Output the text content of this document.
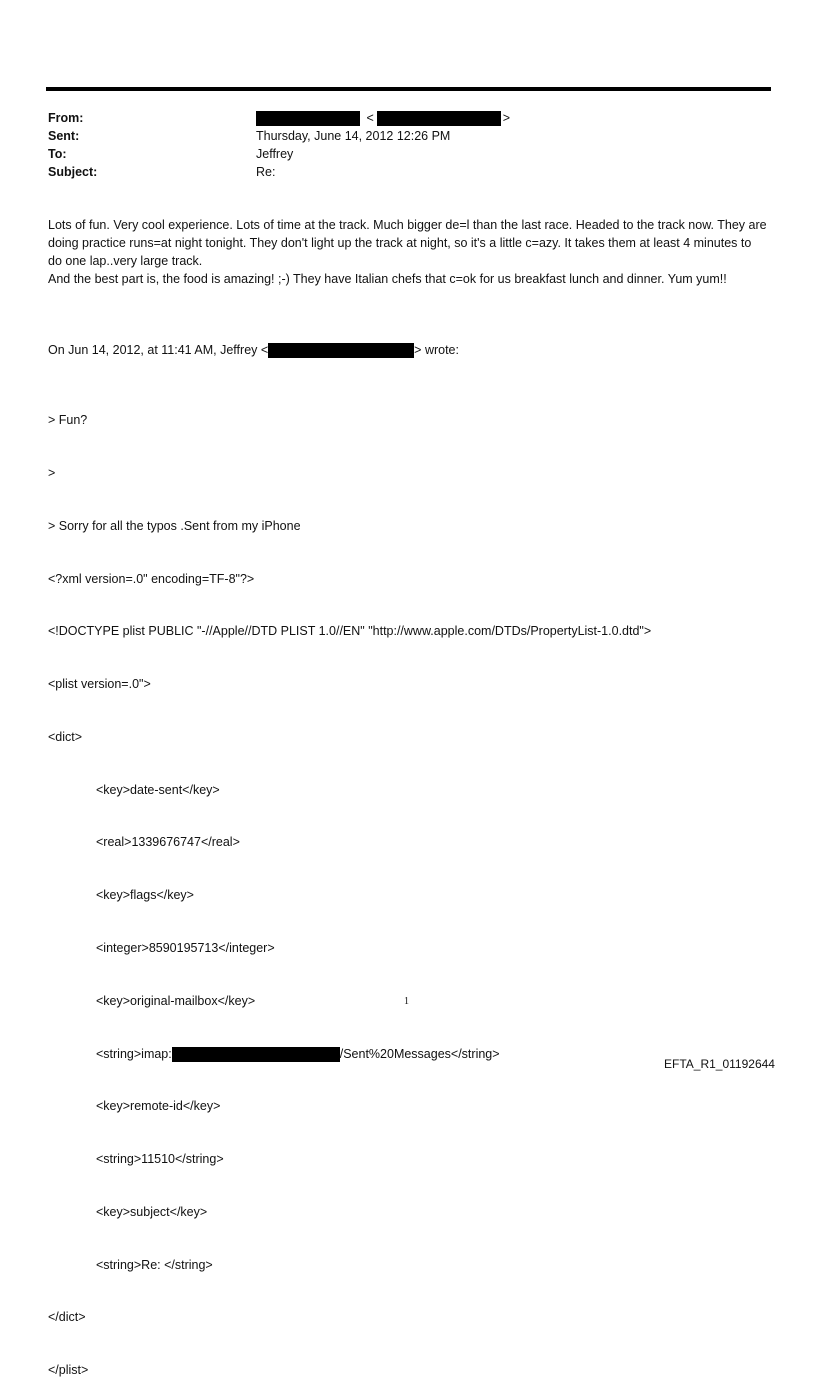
From:	<	>
Sent:	Thursday, June 14, 2012 12:26 PM
To:	Jeffrey
Subject:	Re:

Lots of fun. Very cool experience. Lots of time at the track. Much bigger de=l than the last race. Headed to the track now. They are doing practice runs=at night tonight. They don't light up the track at night, so it's a little c=azy. It takes them at least 4 minutes to do one lap..very large track.

And the best part is, the food is amazing! ;-) They have Italian chefs that c=ok for us breakfast lunch and dinner. Yum yum!!

On Jun 14, 2012, at 11:41 AM, Jeffrey <	> wrote:

> Fun?

>

> Sorry for all the typos .Sent from my iPhone

<?xml version=.0" encoding=TF-8"?>

<!DOCTYPE plist PUBLIC "-//Apple//DTD PLIST 1.0//EN" "http://www.apple.com/DTDs/PropertyList-1.0.dtd">

<plist version=.0">

<dict>

<key>date-sent</key>

<real>1339676747</real>

<key>flags</key>

<integer>8590195713</integer>

<key>original-mailbox</key>

<string>imap:	/Sent%20Messages</string>

<key>remote-id</key>

<string>11510</string>

<key>subject</key>

<string>Re: </string>

</dict>

</plist>

1
EFTA_R1_01192644
